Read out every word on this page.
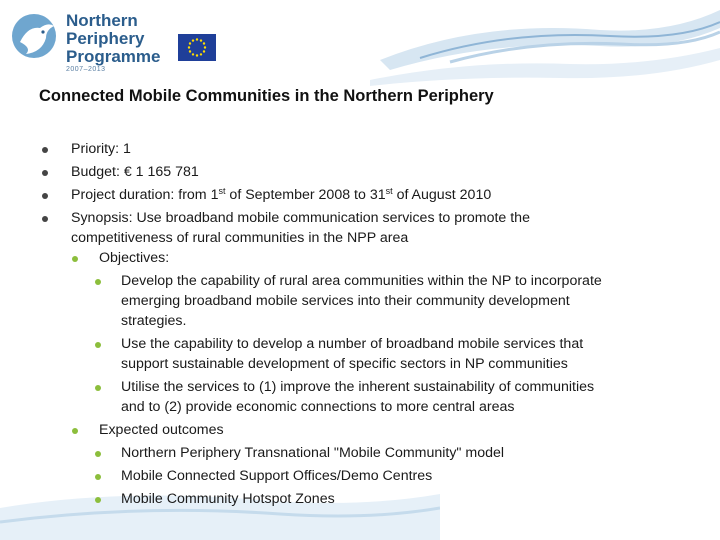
Northern
Periphery
Programme
2007–2013
Connected Mobile Communities in the Northern Periphery
Priority: 1
Budget: € 1 165 781
Project duration: from 1st of September 2008 to 31st of August 2010
Synopsis: Use broadband mobile communication services to promote the
competitiveness of rural communities in the NPP area
Objectives:
Develop the capability of rural area communities within the NP to incorporate
emerging broadband mobile services into their community development
strategies.
Use the capability to develop a number of broadband mobile services that
support sustainable development of specific sectors in NP communities
Utilise the services to (1) improve the inherent sustainability of communities
and to (2) provide economic connections to more central areas
Expected outcomes
Northern Periphery Transnational "Mobile Community" model
Mobile Connected Support Offices/Demo Centres
Mobile Community Hotspot Zones
